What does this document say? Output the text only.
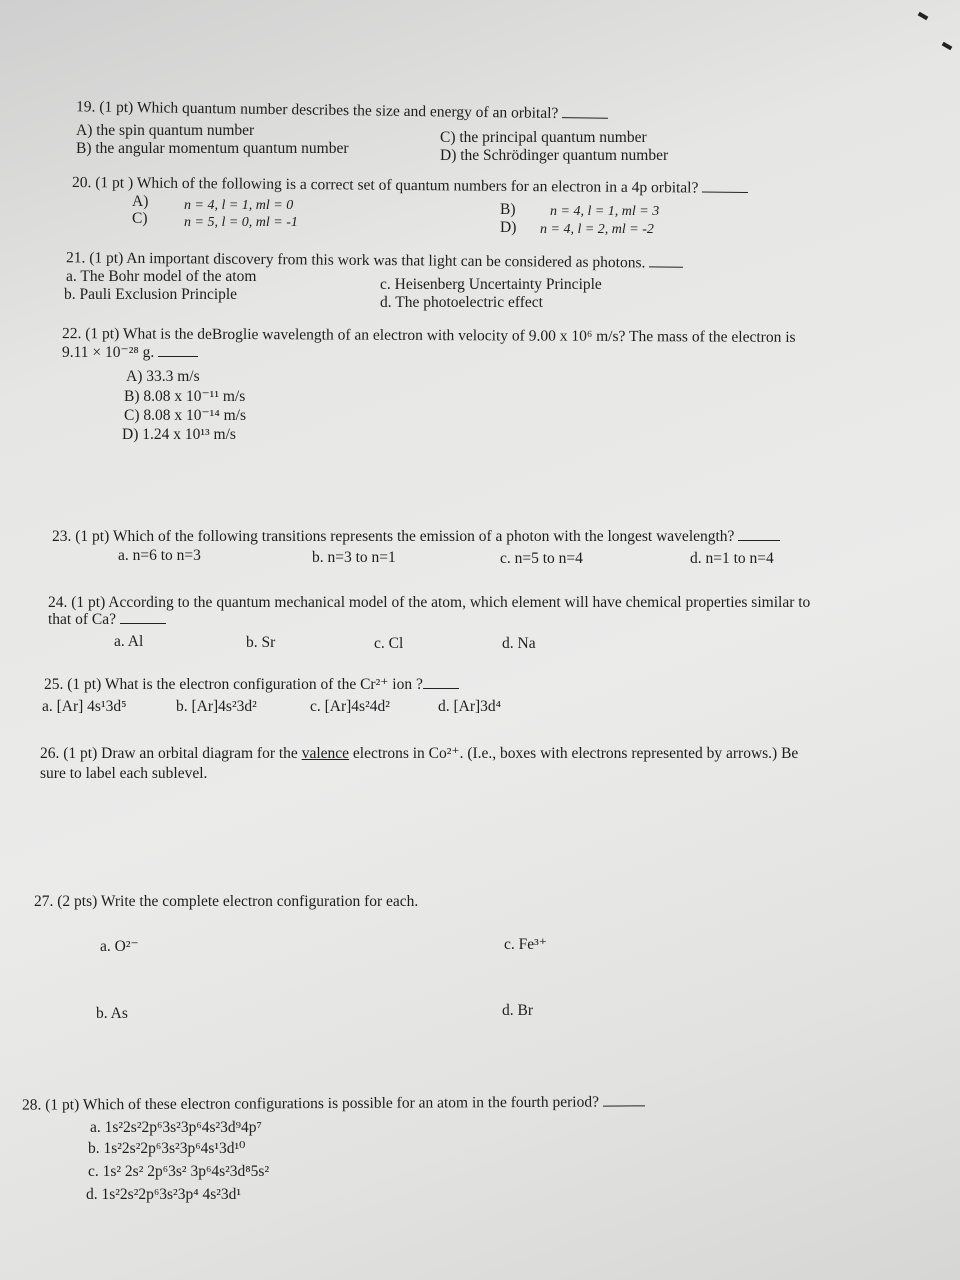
19. (1 pt) Which quantum number describes the size and energy of an orbital?
A) the spin quantum number
B) the angular momentum quantum number
C) the principal quantum number
D) the Schrödinger quantum number
20. (1 pt ) Which of the following is a correct set of quantum numbers for an electron in a 4p orbital?
A)	n = 4, l = 1, ml = 0
C)	n = 5, l = 0, ml = -1
B) n = 4, l = 1, ml = 3
D) n = 4, l = 2, ml = -2
21. (1 pt) An important discovery from this work was that light can be considered as photons.
a. The Bohr model of the atom
b. Pauli Exclusion Principle
c. Heisenberg Uncertainty Principle
d. The photoelectric effect
22. (1 pt) What is the deBroglie wavelength of an electron with velocity of 9.00 x 10⁶ m/s? The mass of the electron is
9.11 × 10⁻²⁸ g.
A) 33.3 m/s
B) 8.08 x 10⁻¹¹ m/s
C) 8.08 x 10⁻¹⁴ m/s
D) 1.24 x 10¹³ m/s
23. (1 pt) Which of the following transitions represents the emission of a photon with the longest wavelength?
a. n=6 to n=3	b. n=3 to n=1	c. n=5 to n=4	d. n=1 to n=4
24. (1 pt) According to the quantum mechanical model of the atom, which element will have chemical properties similar to
that of Ca?
a. Al	b. Sr	c. Cl	d. Na
25. (1 pt) What is the electron configuration of the Cr²⁺ ion ?
a. [Ar] 4s¹3d⁵	b. [Ar]4s²3d²	c. [Ar]4s²4d²	d. [Ar]3d⁴
26. (1 pt) Draw an orbital diagram for the valence electrons in Co²⁺. (I.e., boxes with electrons represented by arrows.) Be
sure to label each sublevel.
27. (2 pts) Write the complete electron configuration for each.
a. O²⁻	c. Fe³⁺
b. As	d. Br
28. (1 pt) Which of these electron configurations is possible for an atom in the fourth period?
a. 1s²2s²2p⁶3s²3p⁶4s²3d⁹4p⁷
b. 1s²2s²2p⁶3s²3p⁶4s¹3d¹⁰
c. 1s² 2s² 2p⁶3s² 3p⁶4s²3d⁸5s²
d. 1s²2s²2p⁶3s²3p⁴ 4s²3d¹
